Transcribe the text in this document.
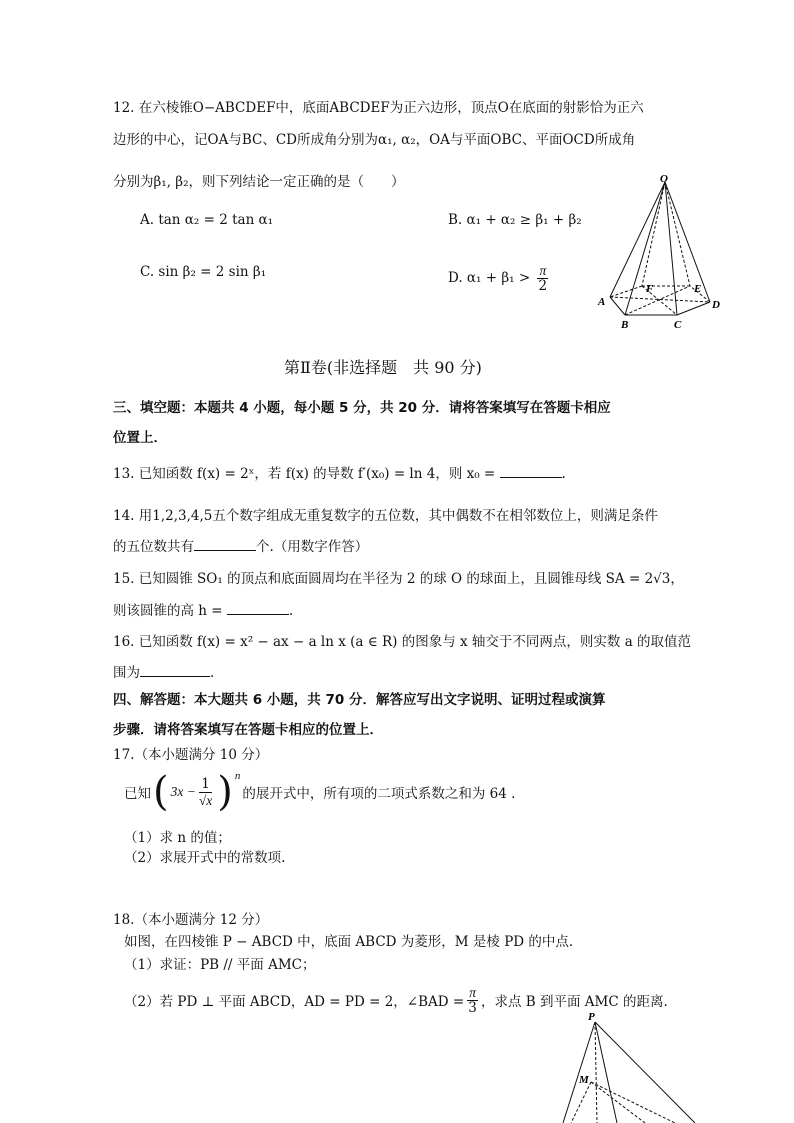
12. 在六棱锥O−ABCDEF中，底面ABCDEF为正六边形，顶点O在底面的射影恰为正六
边形的中心，记OA与BC、CD所成角分别为α₁, α₂，OA与平面OBC、平面OCD所成角
分别为β₁, β₂，则下列结论一定正确的是（　　）
A. tan α₂ = 2 tan α₁	B. α₁ + α₂ ≥ β₁ + β₂
C. sin β₂ = 2 sin β₁	D. $\alpha_1 + \beta_1 > \frac{\pi}{2}$
O
A
B	C
D
E
F
第Ⅱ卷(非选择题　共 90 分)
三、填空题：本题共 4 小题，每小题 5 分，共 20 分．请将答案填写在答题卡相应
位置上．
13. 已知函数 f(x) = 2ˣ，若 f(x) 的导数 f′(x₀) = ln 4，则 x₀ =	.
14. 用1,2,3,4,5五个数字组成无重复数字的五位数，其中偶数不在相邻数位上，则满足条件
的五位数共有	个.（用数字作答）
15. 已知圆锥 SO₁ 的顶点和底面圆周均在半径为 2 的球 O 的球面上，且圆锥母线 SA = 2√3，
则该圆锥的高 h =	.
16. 已知函数 f(x) = x² − ax − a ln x (a ∈ R) 的图象与 x 轴交于不同两点，则实数 a 的取值范
围为	.
四、解答题：本大题共 6 小题，共 70 分．解答应写出文字说明、证明过程或演算
步骤．请将答案填写在答题卡相应的位置上．
17.（本小题满分 10 分）
已知 ( $3x - \frac{1}{√x}$ ) n
的展开式中，所有项的二项式系数之和为 64 .
（1）求 n 的值；
（2）求展开式中的常数项.
18.（本小题满分 12 分）
如图，在四棱锥 P − ABCD 中，底面 ABCD 为菱形，M 是棱 PD 的中点.
（1）求证：PB // 平面 AMC；
（2）若 PD ⊥ 平面 ABCD，AD = PD = 2，∠BAD = $\frac{\pi}{3}$ ，求点 B 到平面 AMC 的距离.
P
M
